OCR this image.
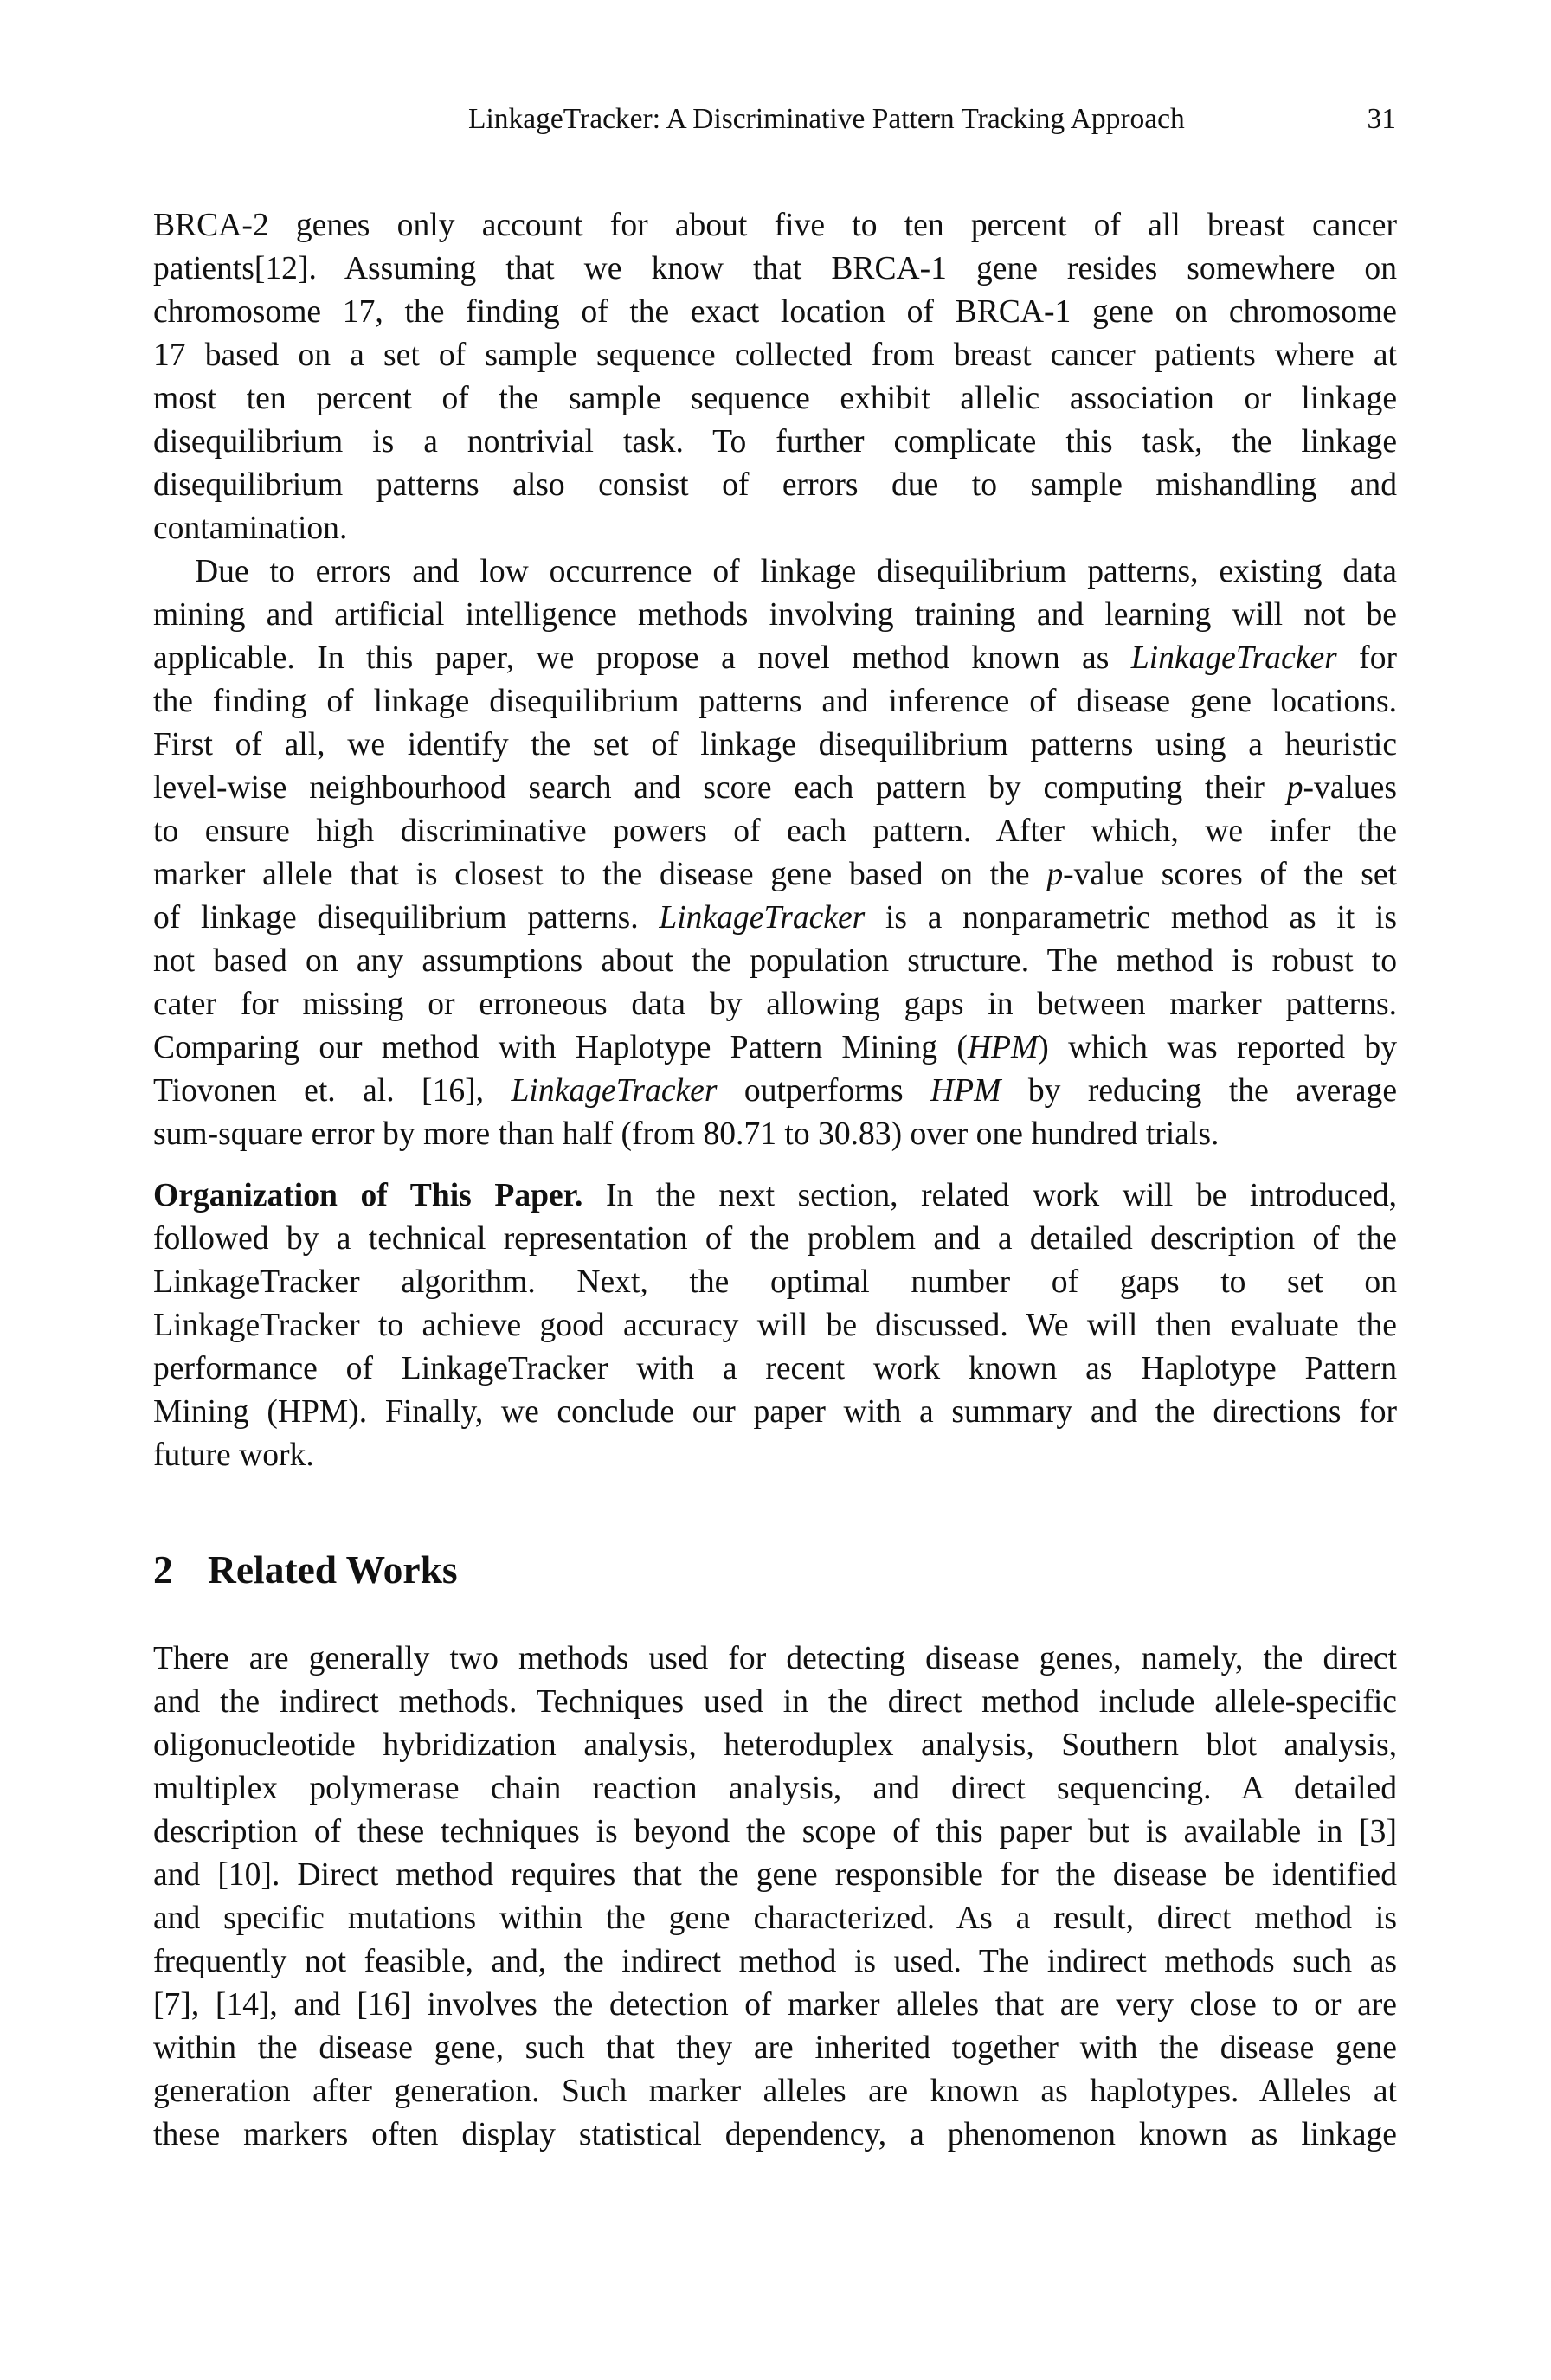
LinkageTracker: A Discriminative Pattern Tracking Approach	31
BRCA-2 genes only account for about five to ten percent of all breast cancer
patients[12]. Assuming that we know that BRCA-1 gene resides somewhere on
chromosome 17, the finding of the exact location of BRCA-1 gene on chromosome
17 based on a set of sample sequence collected from breast cancer patients where at
most ten percent of the sample sequence exhibit allelic association or linkage
disequilibrium is a nontrivial task. To further complicate this task, the linkage
disequilibrium patterns also consist of errors due to sample mishandling and
contamination.
Due to errors and low occurrence of linkage disequilibrium patterns, existing data
mining and artificial intelligence methods involving training and learning will not be
applicable. In this paper, we propose a novel method known as LinkageTracker for
the finding of linkage disequilibrium patterns and inference of disease gene locations.
First of all, we identify the set of linkage disequilibrium patterns using a heuristic
level-wise neighbourhood search and score each pattern by computing their p-values
to ensure high discriminative powers of each pattern. After which, we infer the
marker allele that is closest to the disease gene based on the p-value scores of the set
of linkage disequilibrium patterns. LinkageTracker is a nonparametric method as it is
not based on any assumptions about the population structure. The method is robust to
cater for missing or erroneous data by allowing gaps in between marker patterns.
Comparing our method with Haplotype Pattern Mining (HPM) which was reported by
Tiovonen et. al. [16], LinkageTracker outperforms HPM by reducing the average
sum-square error by more than half (from 80.71 to 30.83) over one hundred trials.
Organization of This Paper. In the next section, related work will be introduced,
followed by a technical representation of the problem and a detailed description of the
LinkageTracker algorithm. Next, the optimal number of gaps to set on
LinkageTracker to achieve good accuracy will be discussed. We will then evaluate the
performance of LinkageTracker with a recent work known as Haplotype Pattern
Mining (HPM). Finally, we conclude our paper with a summary and the directions for
future work.
2 Related Works
There are generally two methods used for detecting disease genes, namely, the direct
and the indirect methods. Techniques used in the direct method include allele-specific
oligonucleotide hybridization analysis, heteroduplex analysis, Southern blot analysis,
multiplex polymerase chain reaction analysis, and direct sequencing. A detailed
description of these techniques is beyond the scope of this paper but is available in [3]
and [10]. Direct method requires that the gene responsible for the disease be identified
and specific mutations within the gene characterized. As a result, direct method is
frequently not feasible, and, the indirect method is used. The indirect methods such as
[7], [14], and [16] involves the detection of marker alleles that are very close to or are
within the disease gene, such that they are inherited together with the disease gene
generation after generation. Such marker alleles are known as haplotypes. Alleles at
these markers often display statistical dependency, a phenomenon known as linkage
